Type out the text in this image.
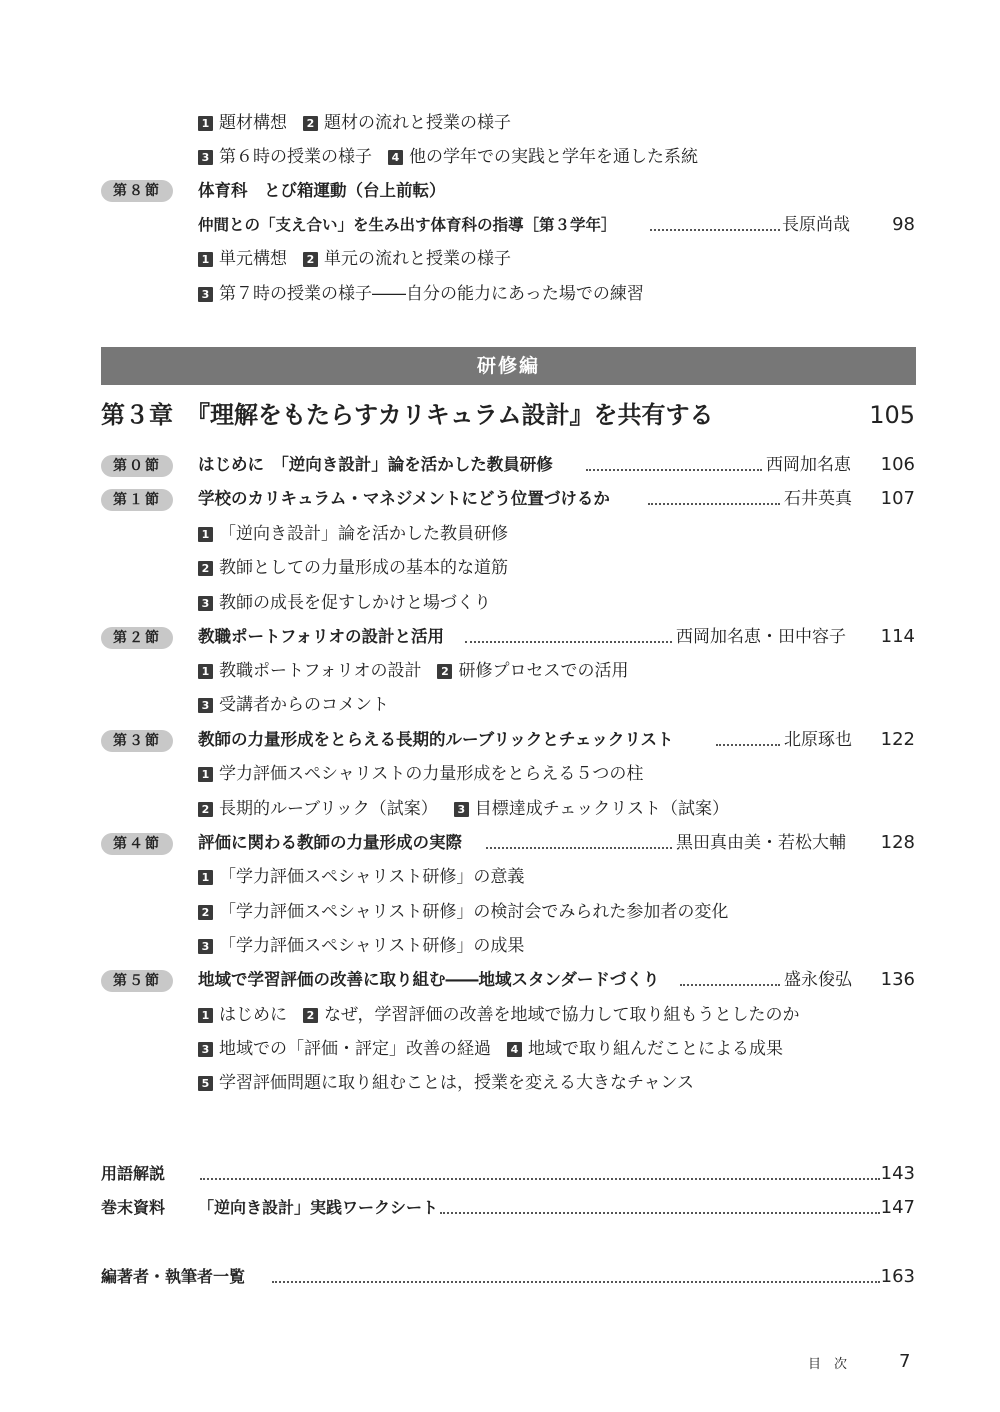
1 題材構想	2 題材の流れと授業の様子
3 第６時の授業の様子	4 他の学年での実践と学年を通した系統
第８節	体育科　とび箱運動（台上前転）
仲間との「支え合い」を生み出す体育科の指導［第３学年］	長原尚哉 98
1 単元構想	2 単元の流れと授業の様子
3 第７時の授業の様子――自分の能力にあった場での練習
研修編
第３章 『理解をもたらすカリキュラム設計』を共有する	105
第０節	はじめに　「逆向き設計」論を活かした教員研修	西岡加名恵 106
第１節	学校のカリキュラム・マネジメントにどう位置づけるか	石井英真 107
1 「逆向き設計」論を活かした教員研修
2 教師としての力量形成の基本的な道筋
3 教師の成長を促すしかけと場づくり
第２節	教職ポートフォリオの設計と活用	西岡加名恵・田中容子 114
1 教職ポートフォリオの設計	2 研修プロセスでの活用
3 受講者からのコメント
第３節	教師の力量形成をとらえる長期的ルーブリックとチェックリスト	北原琢也 122
1 学力評価スペシャリストの力量形成をとらえる５つの柱
2 長期的ルーブリック（試案）	3 目標達成チェックリスト（試案）
第４節	評価に関わる教師の力量形成の実際	黒田真由美・若松大輔 128
1 「学力評価スペシャリスト研修」の意義
2 「学力評価スペシャリスト研修」の検討会でみられた参加者の変化
3 「学力評価スペシャリスト研修」の成果
第５節	地域で学習評価の改善に取り組む――地域スタンダードづくり	盛永俊弘 136
1 はじめに	2 なぜ，学習評価の改善を地域で協力して取り組もうとしたのか
3 地域での「評価・評定」改善の経過	4 地域で取り組んだことによる成果
5 学習評価問題に取り組むことは，授業を変える大きなチャンス
用語解説	143
巻末資料 「逆向き設計」実践ワークシート	147
編著者・執筆者一覧	163
目　次	7
